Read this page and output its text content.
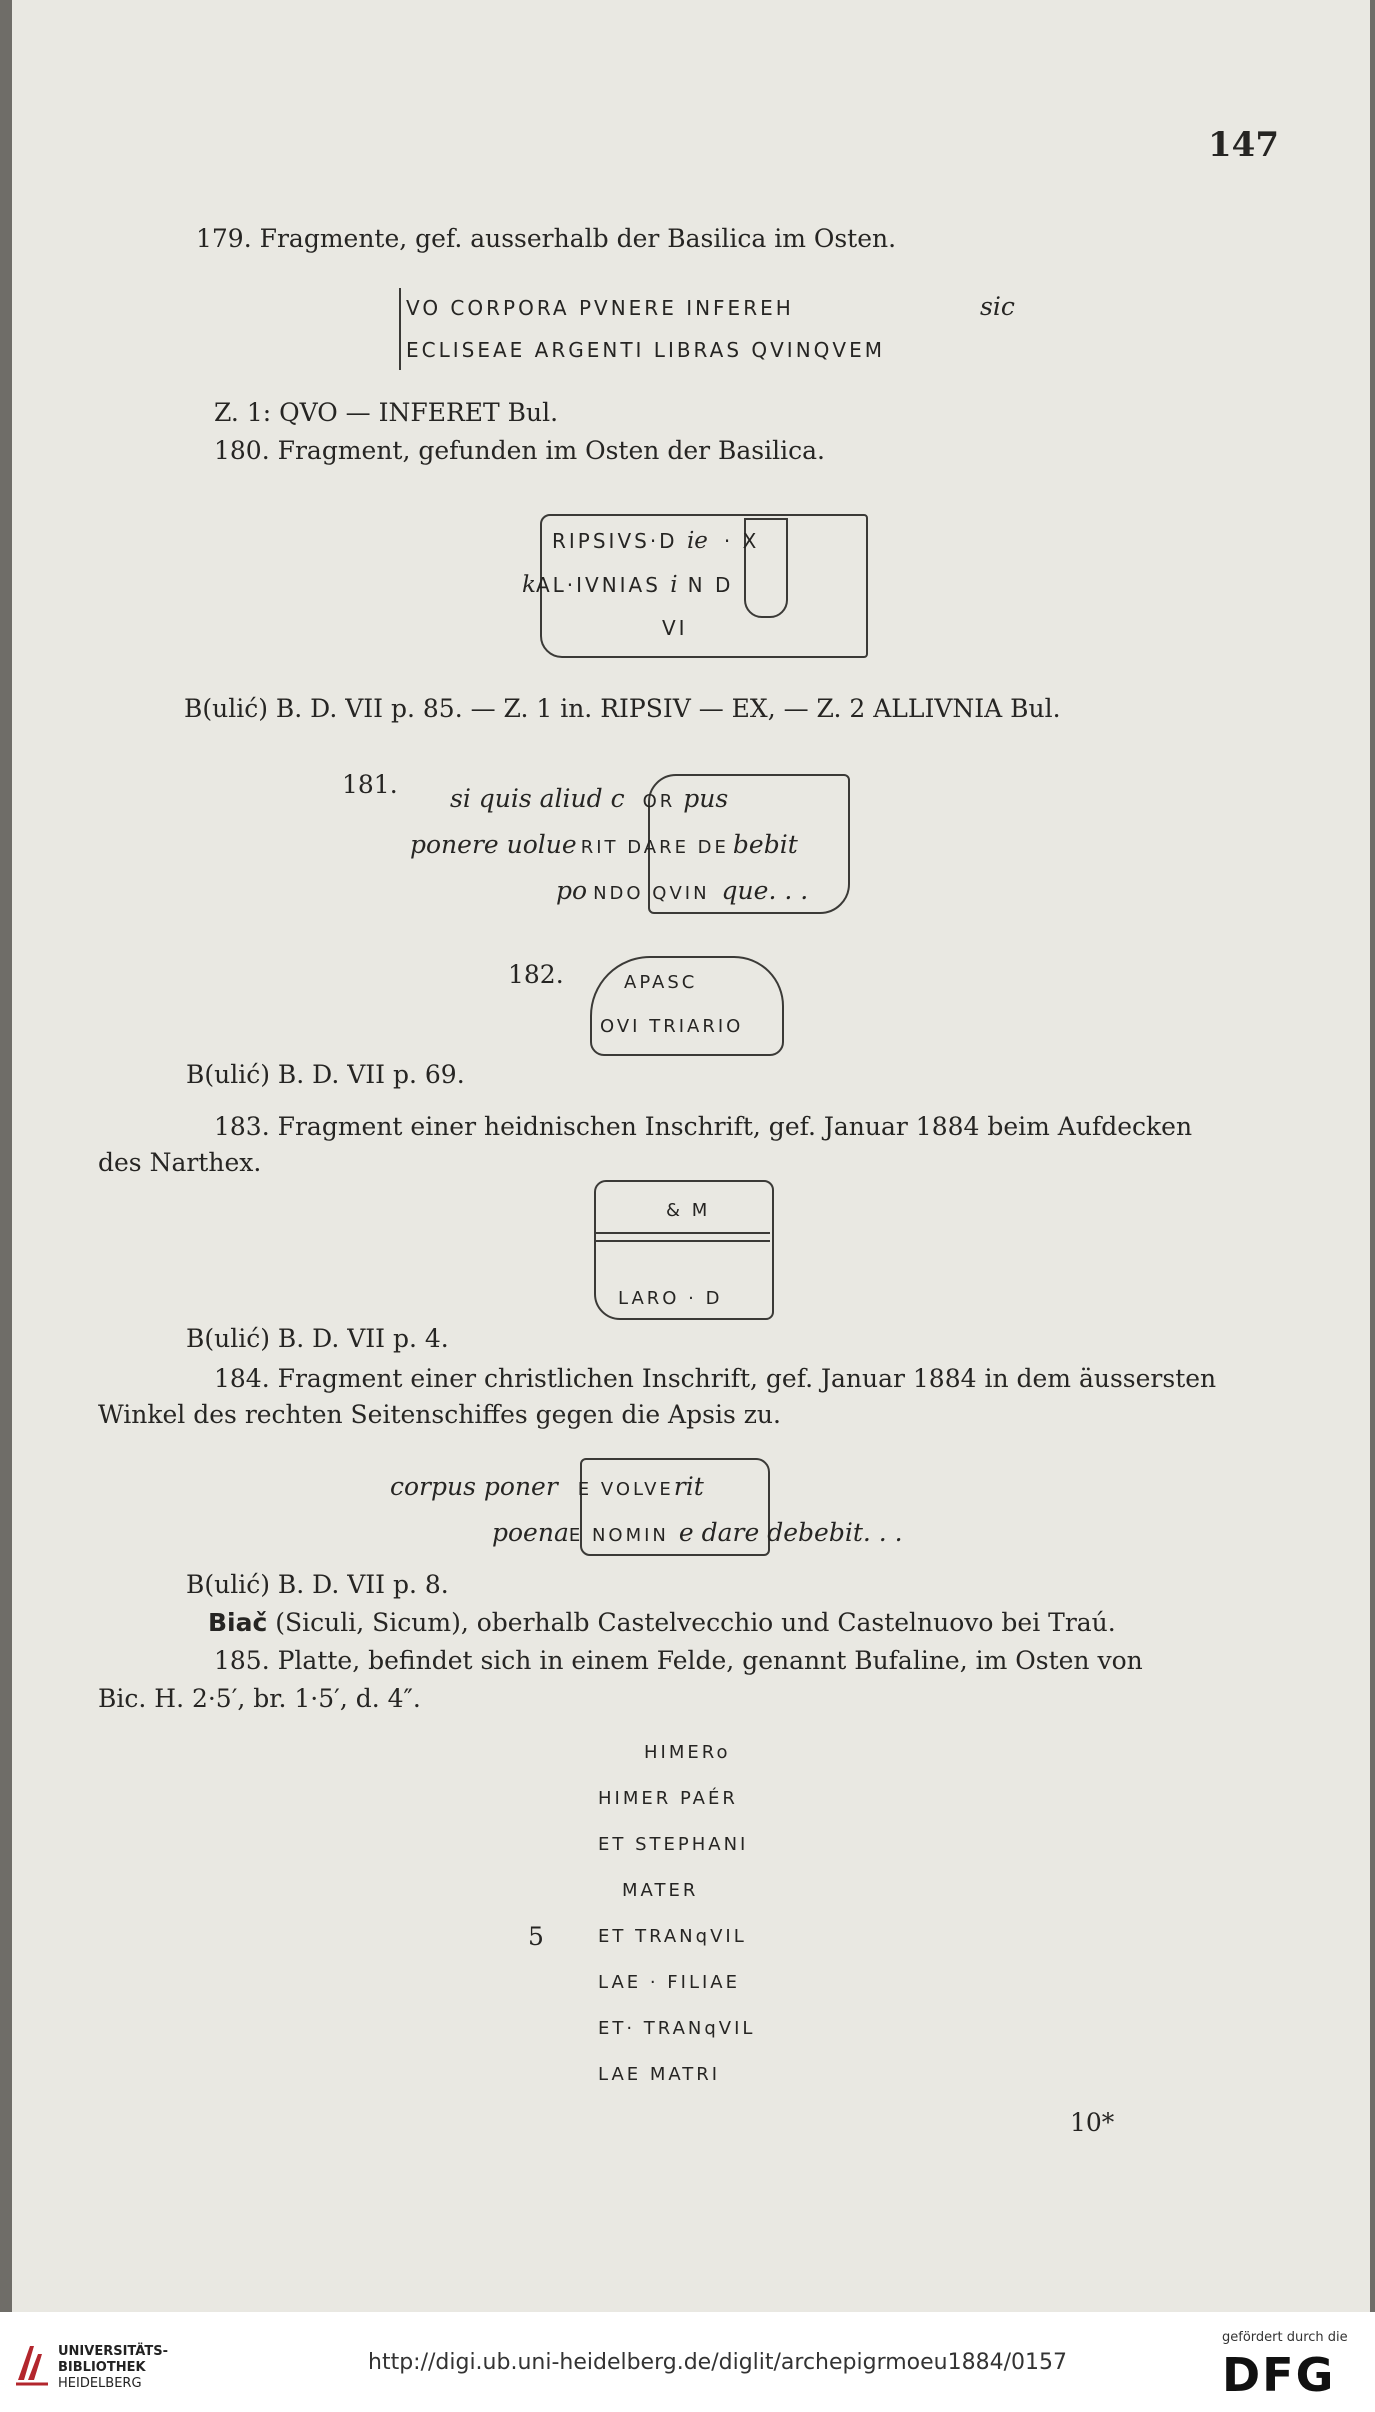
147
179. Fragmente, gef. ausserhalb der Basilica im Osten.
VO CORPORA PVNERE INFEREH	sic
ECLISEAE ARGENTI LIBRAS QVINQVEM
Z. 1: QVO — INFERET Bul.
180. Fragment, gefunden im Osten der Basilica.
RIPSIVS·D ie · X
kAL·IVNIAS i N D
VI
B(ulić) B. D. VII p. 85. — Z. 1 in. RIPSIV — EX, — Z. 2 ALLIVNIA Bul.
181. si quis aliud c OR pus
ponere uolue RIT DARE DE bebit
po NDO QVIN que. . .
182.	APASC
OVI TRIARIO
B(ulić) B. D. VII p. 69.
183. Fragment einer heidnischen Inschrift, gef. Januar 1884 beim Aufdecken
des Narthex.
& M
LARO · D
B(ulić) B. D. VII p. 4.
184. Fragment einer christlichen Inschrift, gef. Januar 1884 in dem äussersten
Winkel des rechten Seitenschiffes gegen die Apsis zu.
corpus poner E VOLVErit
poenaE NOMIN e dare debebit. . .
B(ulić) B. D. VII p. 8.
Biač (Siculi, Sicum), oberhalb Castelvecchio und Castelnuovo bei Traú.
185. Platte, befindet sich in einem Felde, genannt Bufaline, im Osten von
Bic. H. 2·5′, br. 1·5′, d. 4″.
5
HIMERo
HIMER PAÉR
ET STEPHANI
MATER
ET TRANqVIL
LAE · FILIAE
ET· TRANqVIL
LAE MATRI
10*
UNIVERSITÄTS-
BIBLIOTHEK
HEIDELBERG
http://digi.ub.uni-heidelberg.de/diglit/archepigrmoeu1884/0157
gefördert durch die
DFG
